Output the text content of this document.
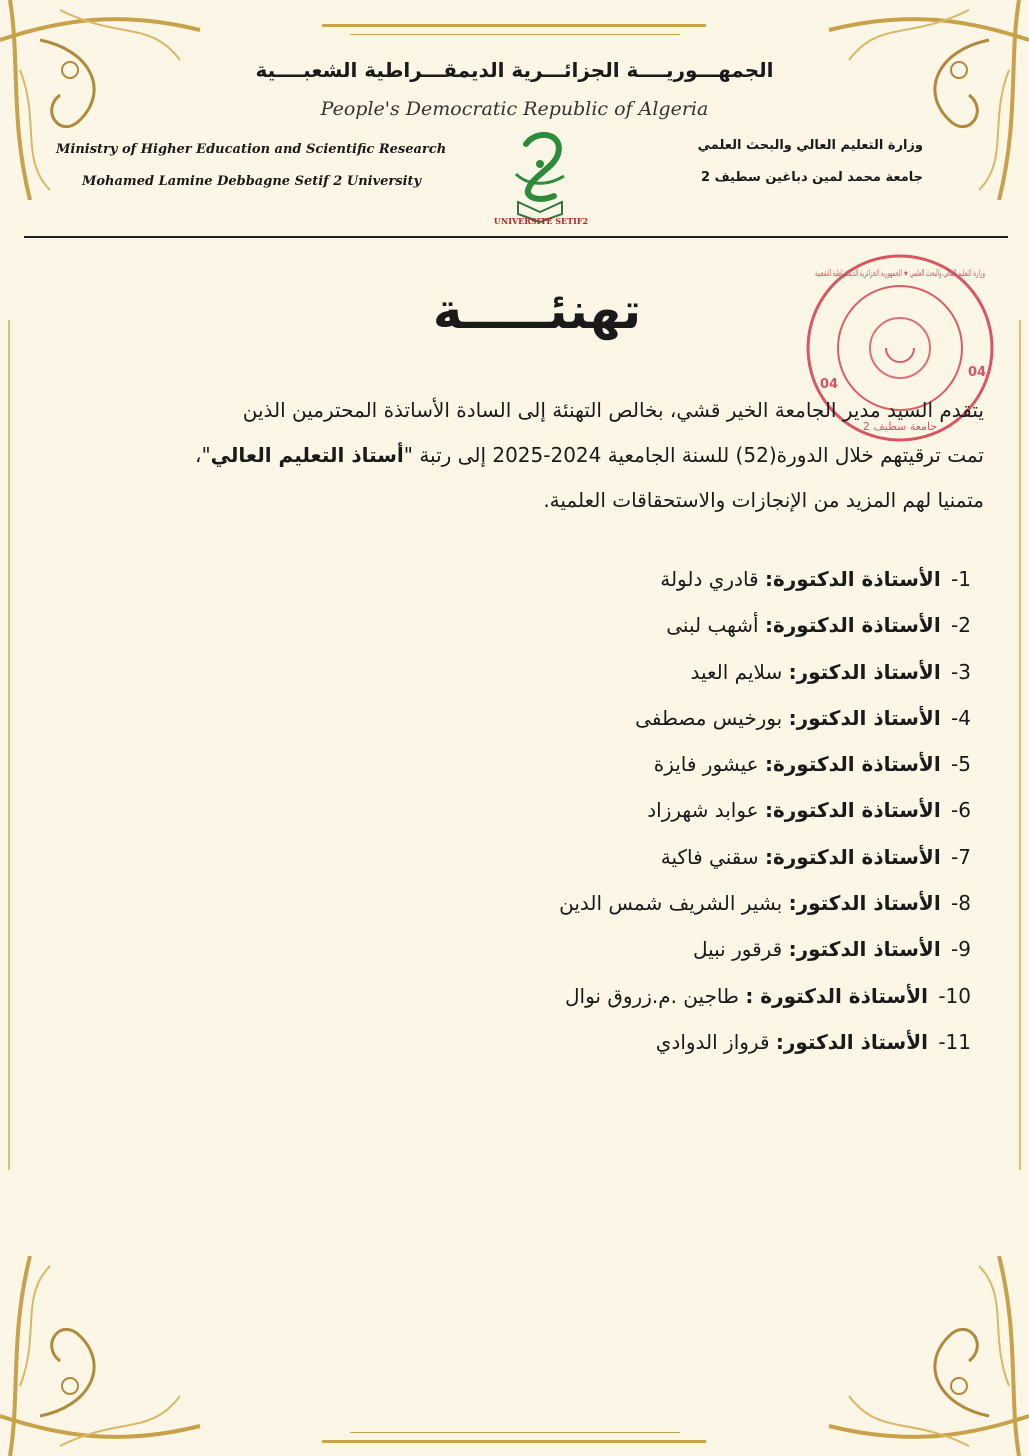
الجمهـــوريــــة الجزائـــرية الديمقـــراطية الشعبــــية
People's Democratic Republic of Algeria
Ministry of Higher Education and Scientific Research
Mohamed Lamine Debbagne Setif 2 University
وزارة التعليم العالي والبحث العلمي
جامعة محمد لمين دباغين سطيف 2
UNIVERSITE SETIF2
04
04
وزارة التعليم العالي والبحث العلمي ★ الجمهورية الجزائرية الديمقراطية الشعبية
جامعة سطيف 2
تهنئـــــة

يتقدم السيد مدير الجامعة الخير قشي، بخالص التهنئة إلى السادة الأساتذة المحترمين الذين

تمت ترقيتهم خلال الدورة(52) للسنة الجامعية 2024-2025 إلى رتبة "أستاذ التعليم العالي"،

متمنيا لهم المزيد من الإنجازات والاستحقاقات العلمية.

1- الأستاذة الدكتورة: قادري دلولة
2- الأستاذة الدكتورة: أشهب لبنى
3- الأستاذ الدكتور: سلايم العيد
4- الأستاذ الدكتور: بورخيس مصطفى
5- الأستاذة الدكتورة: عيشور فايزة
6- الأستاذة الدكتورة: عوابد شهرزاد
7- الأستاذة الدكتورة: سقني فاكية
8- الأستاذ الدكتور: بشير الشريف شمس الدين
9- الأستاذ الدكتور: قرقور نبيل
10- الأستاذة الدكتورة : طاجين .م.زروق نوال
11- الأستاذ الدكتور: قرواز الدوادي
